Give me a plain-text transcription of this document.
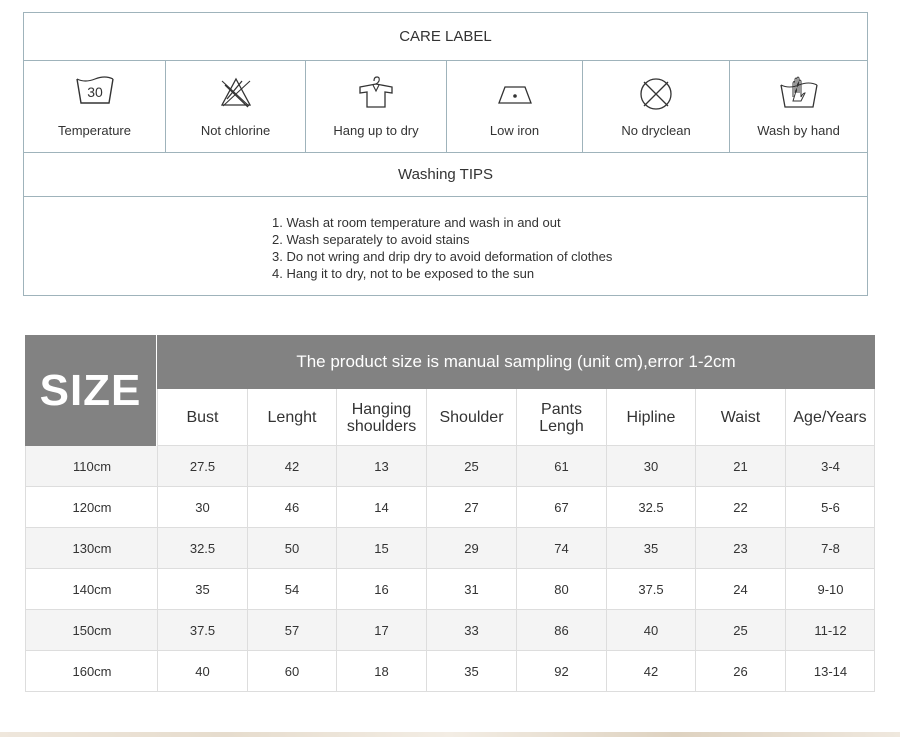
CARE LABEL
30
Temperature	Not chlorine	Hang up to dry	Low iron	No dryclean	Wash by hand
Washing TIPS
1. Wash at room temperature and wash in and out
2. Wash separately to avoid stains
3. Do not wring and drip dry to avoid deformation of clothes
4. Hang it to dry, not to be exposed to the sun
SIZE
The product size is manual sampling (unit cm),error 1-2cm
Bust	Lenght	Hanging shoulders	Shoulder	Pants Lengh	Hipline	Waist	Age/Years
110cm	27.5	42	13	25	61	30	21	3-4
120cm	30	46	14	27	67	32.5	22	5-6
130cm	32.5	50	15	29	74	35	23	7-8
140cm	35	54	16	31	80	37.5	24	9-10
150cm	37.5	57	17	33	86	40	25	11-12
160cm	40	60	18	35	92	42	26	13-14
